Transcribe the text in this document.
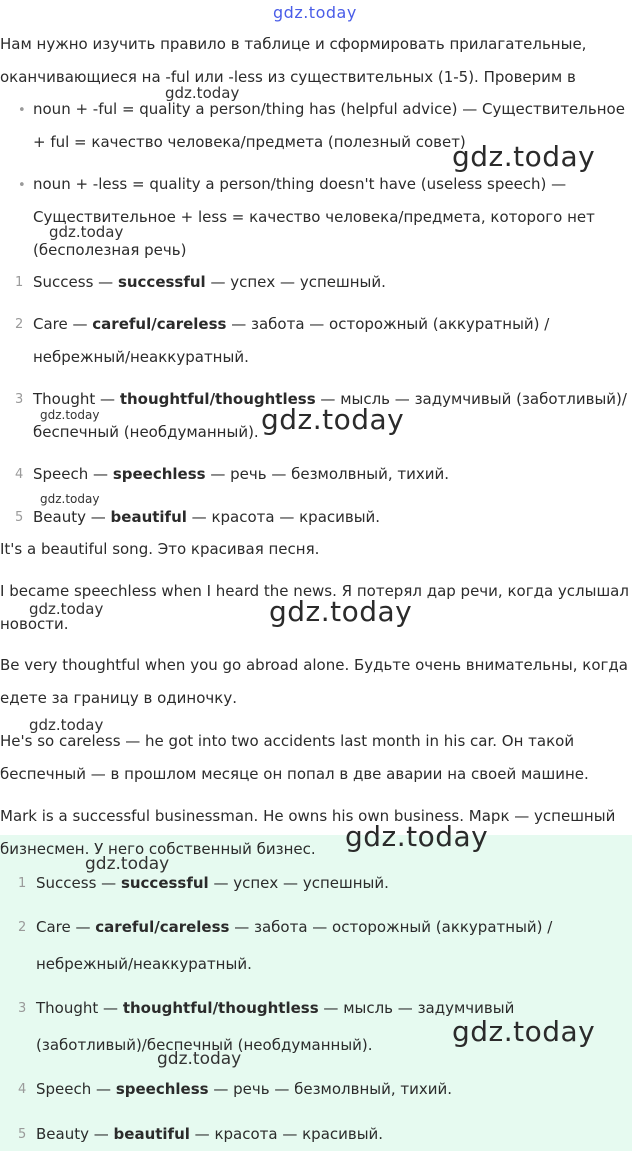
gdz.today
Нам нужно изучить правило в таблице и сформировать прилагательные,
оканчивающиеся на -ful или -less из существительных (1-5). Проверим в
• noun + -ful = quality a person/thing has (helpful advice) — Существительное
+ ful = качество человека/предмета (полезный совет)
• noun + -less = quality a person/thing doesn't have (useless speech) —
Существительное + less = качество человека/предмета, которого нет
(бесполезная речь)
1 Success — successful — успех — успешный.
2 Care — careful/careless — забота — осторожный (аккуратный) /
небрежный/неаккуратный.
3 Thought — thoughtful/thoughtless — мысль — задумчивый (заботливый)/
беспечный (необдуманный).
4 Speech — speechless — речь — безмолвный, тихий.
5 Beauty — beautiful — красота — красивый.
It's a beautiful song. Это красивая песня.
I became speechless when I heard the news. Я потерял дар речи, когда услышал
новости.
Be very thoughtful when you go abroad alone. Будьте очень внимательны, когда
едете за границу в одиночку.
He's so careless — he got into two accidents last month in his car. Он такой
беспечный — в прошлом месяце он попал в две аварии на своей машине.
Mark is a successful businessman. He owns his own business. Марк — успешный
бизнесмен. У него собственный бизнес.
1 Success — successful — успех — успешный.
2 Care — careful/careless — забота — осторожный (аккуратный) /
небрежный/неаккуратный.
3 Thought — thoughtful/thoughtless — мысль — задумчивый
(заботливый)/беспечный (необдуманный).
4 Speech — speechless — речь — безмолвный, тихий.
5 Beauty — beautiful — красота — красивый.
gdz.today
gdz.today
gdz.today
gdz.today	gdz.today
gdz.today
gdz.today	gdz.today
gdz.today
gdz.today
gdz.today
gdz.today
gdz.today
